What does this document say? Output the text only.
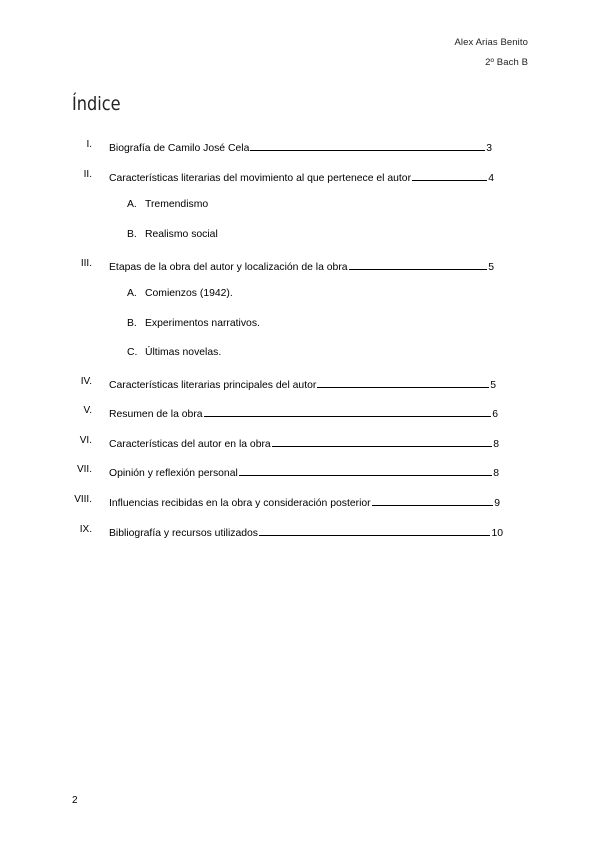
Alex Arias Benito
2º Bach B
Índice
I. Biografía de Camilo José Cela	3
II. Características literarias del movimiento al que pertenece el autor	4
A. Tremendismo
B. Realismo social
III. Etapas de la obra del autor y localización de la obra	5
A. Comienzos (1942).
B. Experimentos narrativos.
C. Últimas novelas.
IV. Características literarias principales del autor	5
V. Resumen de la obra	6
VI. Características del autor en la obra	8
VII. Opinión y reflexión personal	8
VIII. Influencias recibidas en la obra y consideración posterior	9
IX. Bibliografía y recursos utilizados	10
2
